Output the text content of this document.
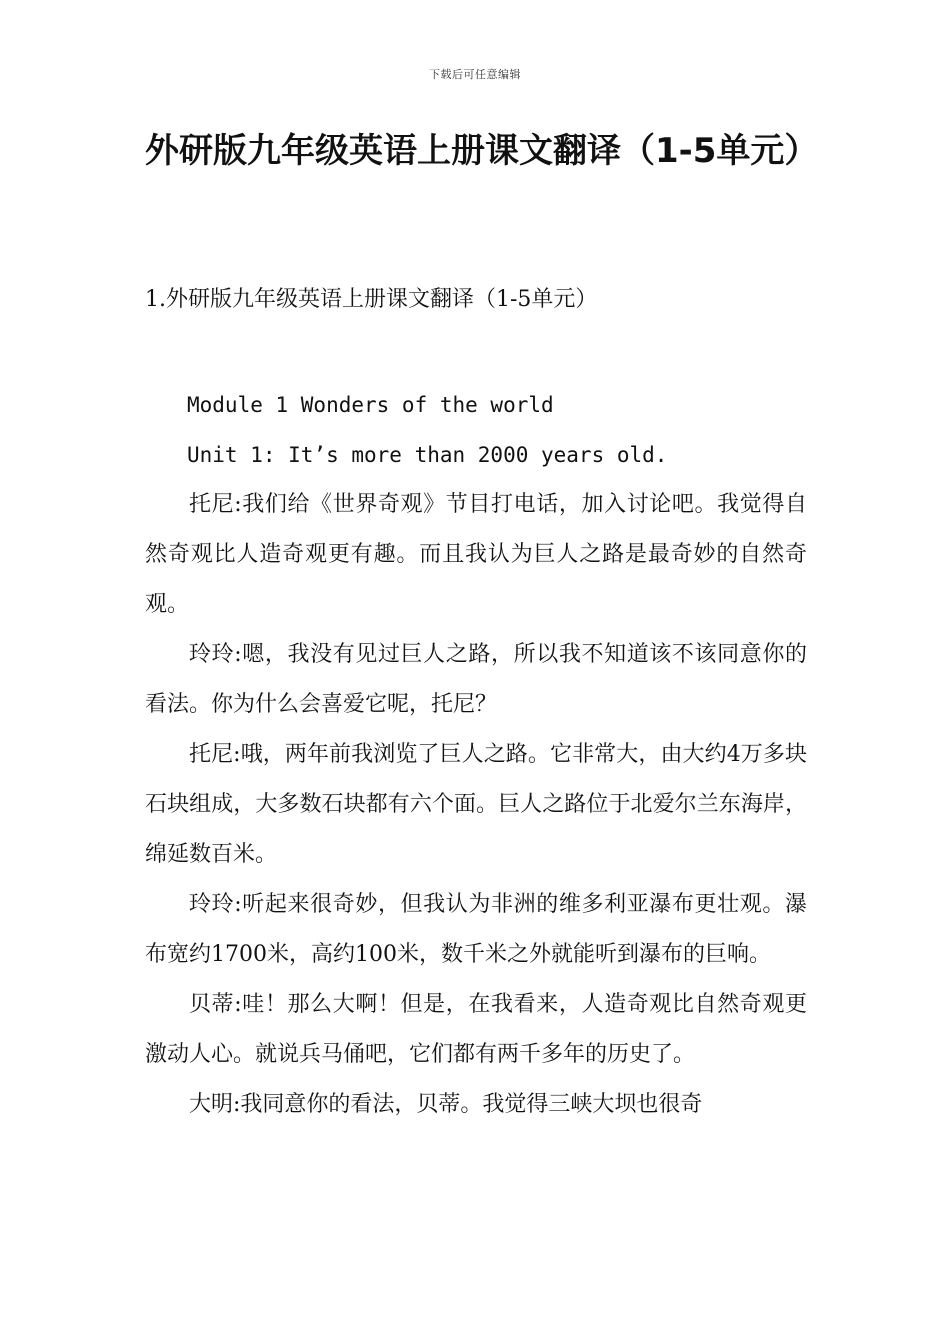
下载后可任意编辑
外研版九年级英语上册课文翻译（1-5单元）

1.外研版九年级英语上册课文翻译（1-5单元）

Module 1 Wonders of the world

Unit 1: It’s more than 2000 years old.

托尼:我们给《世界奇观》节目打电话，加入讨论吧。我觉得自然奇观比人造奇观更有趣。而且我认为巨人之路是最奇妙的自然奇观。

玲玲:嗯，我没有见过巨人之路，所以我不知道该不该同意你的看法。你为什么会喜爱它呢，托尼？

托尼:哦，两年前我浏览了巨人之路。它非常大，由大约4万多块石块组成，大多数石块都有六个面。巨人之路位于北爱尔兰东海岸，绵延数百米。

玲玲:听起来很奇妙，但我认为非洲的维多利亚瀑布更壮观。瀑布宽约1700米，高约100米，数千米之外就能听到瀑布的巨响。

贝蒂:哇！那么大啊！但是，在我看来，人造奇观比自然奇观更激动人心。就说兵马俑吧，它们都有两千多年的历史了。

大明:我同意你的看法，贝蒂。我觉得三峡大坝也很奇
